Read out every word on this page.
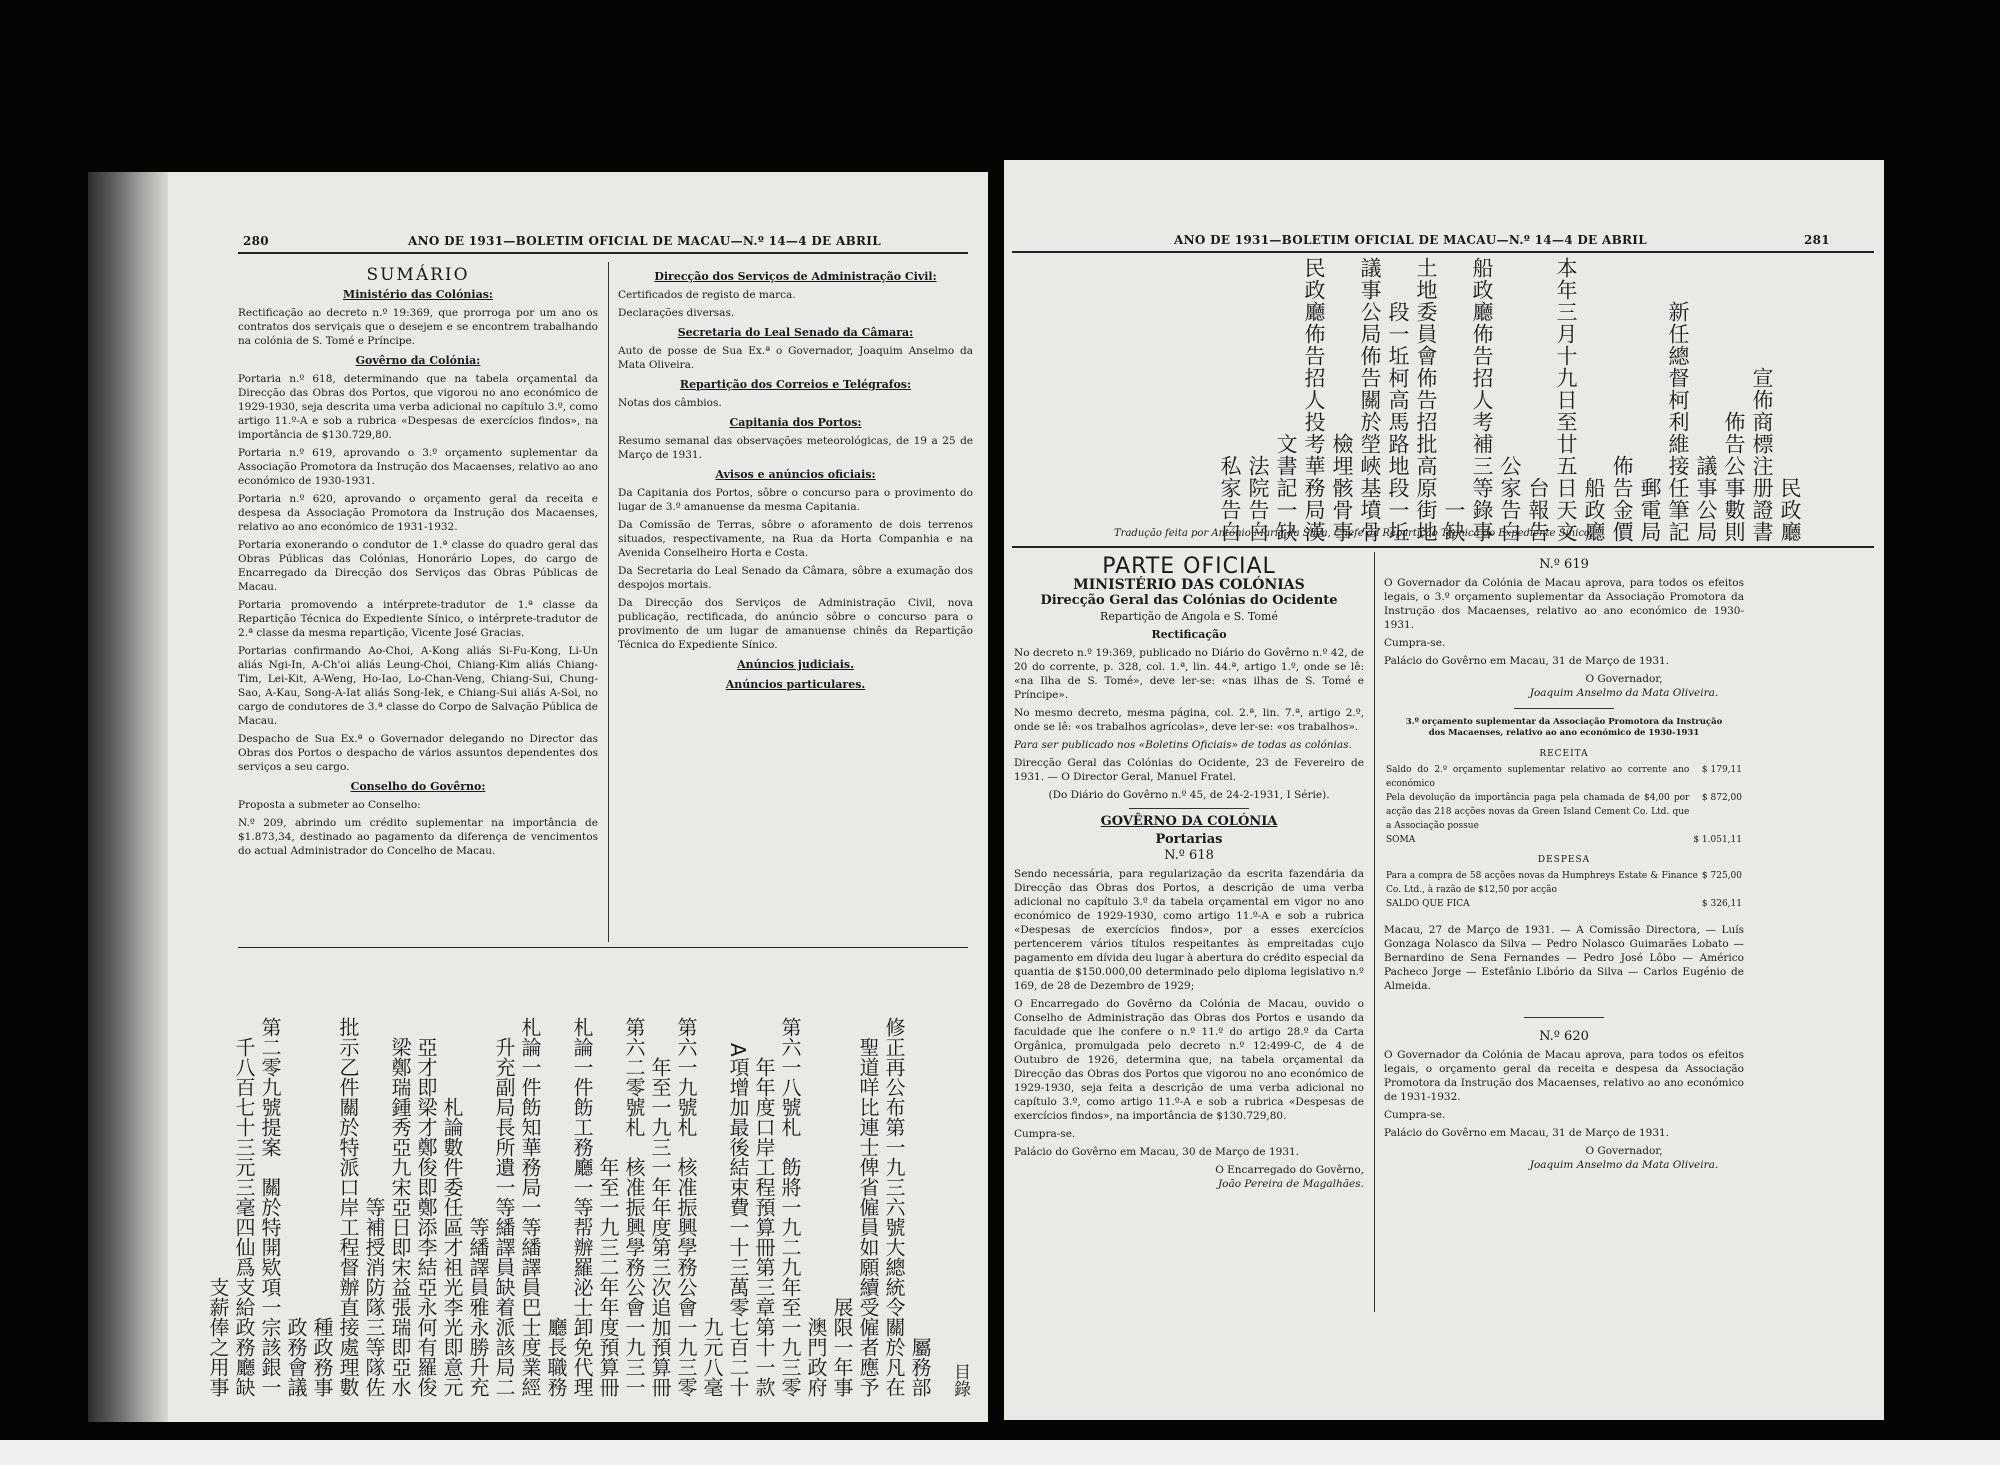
280	ANO DE 1931—BOLETIM OFICIAL DE MACAU—N.º 14—4 DE ABRIL
SUMÁRIO
Ministério das Colónias:

Rectificação ao decreto n.º 19:369, que prorroga por um ano os contratos dos serviçais que o desejem e se encontrem trabalhando na colónia de S. Tomé e Príncipe.

Govêrno da Colónia:

Portaria n.º 618, determinando que na tabela orçamental da Direcção das Obras dos Portos, que vigorou no ano económico de 1929-1930, seja descrita uma verba adicional no capítulo 3.º, como artigo 11.º-A e sob a rubrica «Despesas de exercícios findos», na importância de $130.729,80.

Portaria n.º 619, aprovando o 3.º orçamento suplementar da Associação Promotora da Instrução dos Macaenses, relativo ao ano económico de 1930-1931.

Portaria n.º 620, aprovando o orçamento geral da receita e despesa da Associação Promotora da Instrução dos Macaenses, relativo ao ano económico de 1931-1932.

Portaria exonerando o condutor de 1.ª classe do quadro geral das Obras Públicas das Colónias, Honorário Lopes, do cargo de Encarregado da Direcção dos Serviços das Obras Públicas de Macau.

Portaria promovendo a intérprete-tradutor de 1.ª classe da Repartição Técnica do Expediente Sínico, o intérprete-tradutor de 2.ª classe da mesma repartição, Vicente José Gracias.

Portarias confirmando Ao-Choi, A-Kong aliás Si-Fu-Kong, Li-Un aliás Ngi-In, A-Ch'oi aliás Leung-Choi, Chiang-Kim aliás Chiang-Tim, Lei-Kit, A-Weng, Ho-Iao, Lo-Chan-Veng, Chiang-Sui, Chung-Sao, A-Kau, Song-A-Iat aliás Song-Iek, e Chiang-Sui aliás A-Soi, no cargo de condutores de 3.ª classe do Corpo de Salvação Pública de Macau.

Despacho de Sua Ex.ª o Governador delegando no Director das Obras dos Portos o despacho de vários assuntos dependentes dos serviços a seu cargo.

Conselho do Govêrno:

Proposta a submeter ao Conselho:

N.º 209, abrindo um crédito suplementar na importância de $1.873,34, destinado ao pagamento da diferença de vencimentos do actual Administrador do Concelho de Macau.

Direcção dos Serviços de Administração Civil:

Certificados de registo de marca.

Declarações diversas.

Secretaria do Leal Senado da Câmara:

Auto de posse de Sua Ex.ª o Governador, Joaquim Anselmo da Mata Oliveira.

Repartição dos Correios e Telégrafos:

Notas dos câmbios.

Capitania dos Portos:

Resumo semanal das observações meteorológicas, de 19 a 25 de Março de 1931.

Avisos e anúncios oficiais:

Da Capitania dos Portos, sôbre o concurso para o provimento do lugar de 3.º amanuense da mesma Capitania.

Da Comissão de Terras, sôbre o aforamento de dois terrenos situados, respectivamente, na Rua da Horta Companhia e na Avenida Conselheiro Horta e Costa.

Da Secretaria do Leal Senado da Câmara, sôbre a exumação dos despojos mortais.

Da Direcção dos Serviços de Administração Civil, nova publicação, rectificada, do anúncio sôbre o concurso para o provimento de um lugar de amanuense chinês da Repartição Técnica do Expediente Sínico.

Anúncios judiciais.
Anúncios particulares.
目錄
屬務部
修正再公布第一九三六號大總統令關於凡在
聖道咩比連士俾省僱員如願續受僱者應予
展限一年事
澳門政府
第六一八號札　飭將一九二九年至一九三零
年年度口岸工程預算冊第三章第十一款
A項增加最後結束費一十三萬零七百二十
九元八毫
第六一九號札　核准振興學務公會一九三零
年至一九三一年年度第三次追加預算冊
第六二零號札　核准振興學務公會一九三一
年至一九三二年年度預算冊
札論一件飭工務廳一等帮辦羅泌士卸免代理
廳長職務
札論一件飭知華務局一等繙譯員巴士度業經
升充副局長所遺一等繙譯員缺着派該局二
等繙譯員雅永勝升充
札論數件委任區才祖光李光即意元
亞才即梁才鄭俊即鄭添李結亞永何有羅俊
梁鄭瑞鍾秀亞九宋亞日即宋益張瑞即亞水
等補授消防隊三等隊佐
批示乙件關於特派口岸工程督辦直接處理數
種政務事
政務會議
第二零九號提案　關於特開欵項一宗該銀一
千八百七十三元三毫四仙爲支給政務廳缺
支薪俸之用事
ANO DE 1931—BOLETIM OFICIAL DE MACAU—N.º 14—4 DE ABRIL	281
民政廳
宣佈商標注册證書
佈告公事數則
議事公局
新任總督柯利維接任筆記
郵電局
佈告金價
船政廳
本年三月十九日至廿五日天文
台報告
公家告白
船政廳佈告招人考補三等錄事
一缺
土地委員會佈告招批高原街地
段一坵柯高馬路地段一坵
議事公局佈告關於塋峽基墳骨
檢埋骸骨事
民政廳佈告招人投考華務局漢
文書記一缺
法院告白
私家告白
Tradução feita por António Maria da Silva, Chefe da Repartição Técnica do Expediente Sínico.
PARTE OFICIAL
MINISTÉRIO DAS COLÓNIAS
Direcção Geral das Colónias do Ocidente
Repartição de Angola e S. Tomé
Rectificação

No decreto n.º 19:369, publicado no Diário do Govêrno n.º 42, de 20 do corrente, p. 328, col. 1.ª, lin. 44.ª, artigo 1.º, onde se lê: «na Ilha de S. Tomé», deve ler-se: «nas ilhas de S. Tomé e Príncipe».

No mesmo decreto, mesma página, col. 2.ª, lin. 7.ª, artigo 2.º, onde se lê: «os trabalhos agrícolas», deve ler-se: «os trabalhos».

Para ser publicado nos «Boletins Oficiais» de todas as colónias.

Direcção Geral das Colónias do Ocidente, 23 de Fevereiro de 1931. — O Director Geral, Manuel Fratel.

(Do Diário do Govêrno n.º 45, de 24-2-1931, I Série).

GOVÊRNO DA COLÓNIA
Portarias
N.º 618

Sendo necessária, para regularização da escrita fazendária da Direcção das Obras dos Portos, a descrição de uma verba adicional no capítulo 3.º da tabela orçamental em vigor no ano económico de 1929-1930, como artigo 11.º-A e sob a rubrica «Despesas de exercícios findos», por a esses exercícios pertencerem vários títulos respeitantes às empreitadas cujo pagamento em dívida deu lugar à abertura do crédito especial da quantia de $150.000,00 determinado pelo diploma legislativo n.º 169, de 28 de Dezembro de 1929;

O Encarregado do Govêrno da Colónia de Macau, ouvido o Conselho de Administração das Obras dos Portos e usando da faculdade que lhe confere o n.º 11.º do artigo 28.º da Carta Orgânica, promulgada pelo decreto n.º 12:499-C, de 4 de Outubro de 1926, determina que, na tabela orçamental da Direcção das Obras dos Portos que vigorou no ano económico de 1929-1930, seja feita a descrição de uma verba adicional no capítulo 3.º, como artigo 11.º-A e sob a rubrica «Despesas de exercícios findos», na importância de $130.729,80.

Cumpra-se.

Palácio do Govêrno em Macau, 30 de Março de 1931.

O Encarregado do Govêrno,
João Pereira de Magalhães.
N.º 619

O Governador da Colónia de Macau aprova, para todos os efeitos legais, o 3.º orçamento suplementar da Associação Promotora da Instrução dos Macaenses, relativo ao ano económico de 1930-1931.

Cumpra-se.

Palácio do Govêrno em Macau, 31 de Março de 1931.

O Governador,
Joaquim Anselmo da Mata Oliveira.
3.º orçamento suplementar da Associação Promotora da Instrução dos Macaenses, relativo ao ano económico de 1930-1931
RECEITA
Saldo do 2.º orçamento suplementar relativo ao corrente ano económico	$ 179,11
Pela devolução da importância paga pela chamada de $4,00 por acção das 218 acções novas da Green Island Cement Co. Ltd. que a Associação possue	$ 872,00
SOMA	$ 1.051,11
DESPESA
Para a compra de 58 acções novas da Humphreys Estate & Finance Co. Ltd., à razão de $12,50 por acção	$ 725,00
SALDO QUE FICA	$ 326,11

Macau, 27 de Março de 1931. — A Comissão Directora, — Luís Gonzaga Nolasco da Silva — Pedro Nolasco Guimarães Lobato — Bernardino de Sena Fernandes — Pedro José Lôbo — Américo Pacheco Jorge — Estefânio Libório da Silva — Carlos Eugénio de Almeida.

N.º 620

O Governador da Colónia de Macau aprova, para todos os efeitos legais, o orçamento geral da receita e despesa da Associação Promotora da Instrução dos Macaenses, relativo ao ano económico de 1931-1932.

Cumpra-se.

Palácio do Govêrno em Macau, 31 de Março de 1931.

O Governador,
Joaquim Anselmo da Mata Oliveira.
